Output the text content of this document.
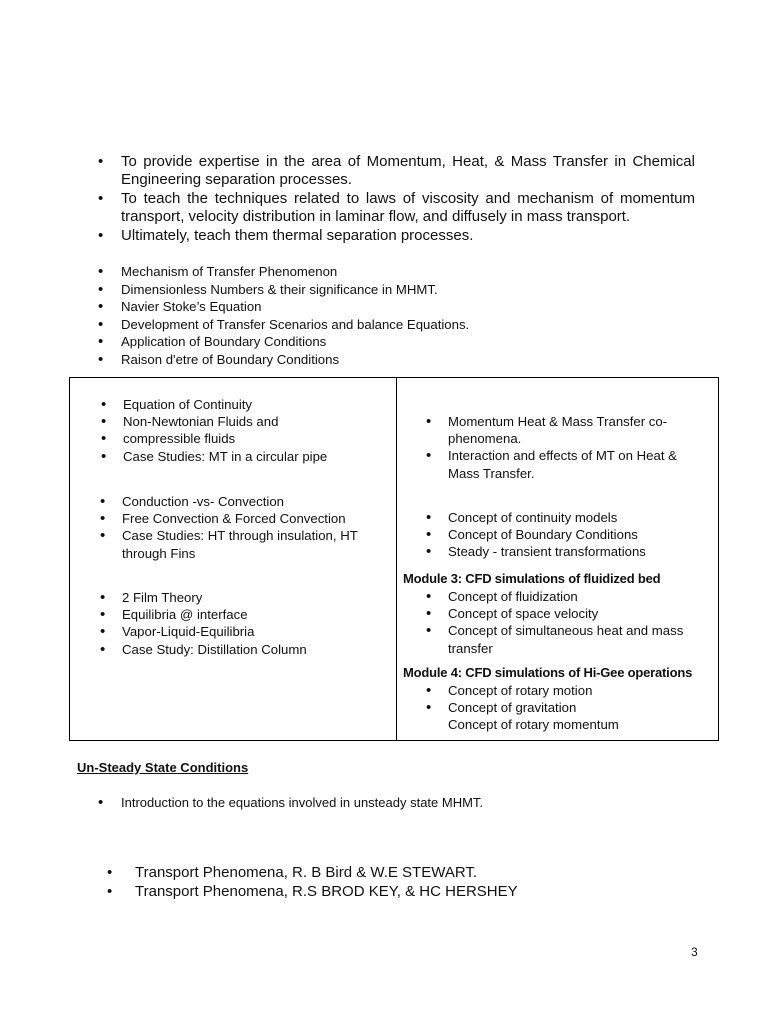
• To provide expertise in the area of Momentum, Heat, & Mass Transfer in Chemical Engineering separation processes.
• To teach the techniques related to laws of viscosity and mechanism of momentum transport, velocity distribution in laminar flow, and diffusely in mass transport.
• Ultimately, teach them thermal separation processes.
• Mechanism of Transfer Phenomenon
• Dimensionless Numbers & their significance in MHMT.
• Navier Stoke’s Equation
• Development of Transfer Scenarios and balance Equations.
• Application of Boundary Conditions
• Raison d'etre of Boundary Conditions
• Equation of Continuity
• Non-Newtonian Fluids and
• compressible fluids
• Case Studies: MT in a circular pipe
• Conduction -vs- Convection
• Free Convection & Forced Convection
• Case Studies: HT through insulation, HT through Fins
• 2 Film Theory
• Equilibria @ interface
• Vapor-Liquid-Equilibria
• Case Study: Distillation Column
• Momentum Heat & Mass Transfer co-phenomena.
• Interaction and effects of MT on Heat & Mass Transfer.
• Concept of continuity models
• Concept of Boundary Conditions
• Steady - transient transformations
Module 3: CFD simulations of fluidized bed
• Concept of fluidization
• Concept of space velocity
• Concept of simultaneous heat and mass transfer
Module 4: CFD simulations of Hi-Gee operations
• Concept of rotary motion
• Concept of gravitation
Concept of rotary momentum
Un-Steady State Conditions
• Introduction to the equations involved in unsteady state MHMT.
• Transport Phenomena, R. B Bird & W.E STEWART.
• Transport Phenomena, R.S BROD KEY, & HC HERSHEY
3
